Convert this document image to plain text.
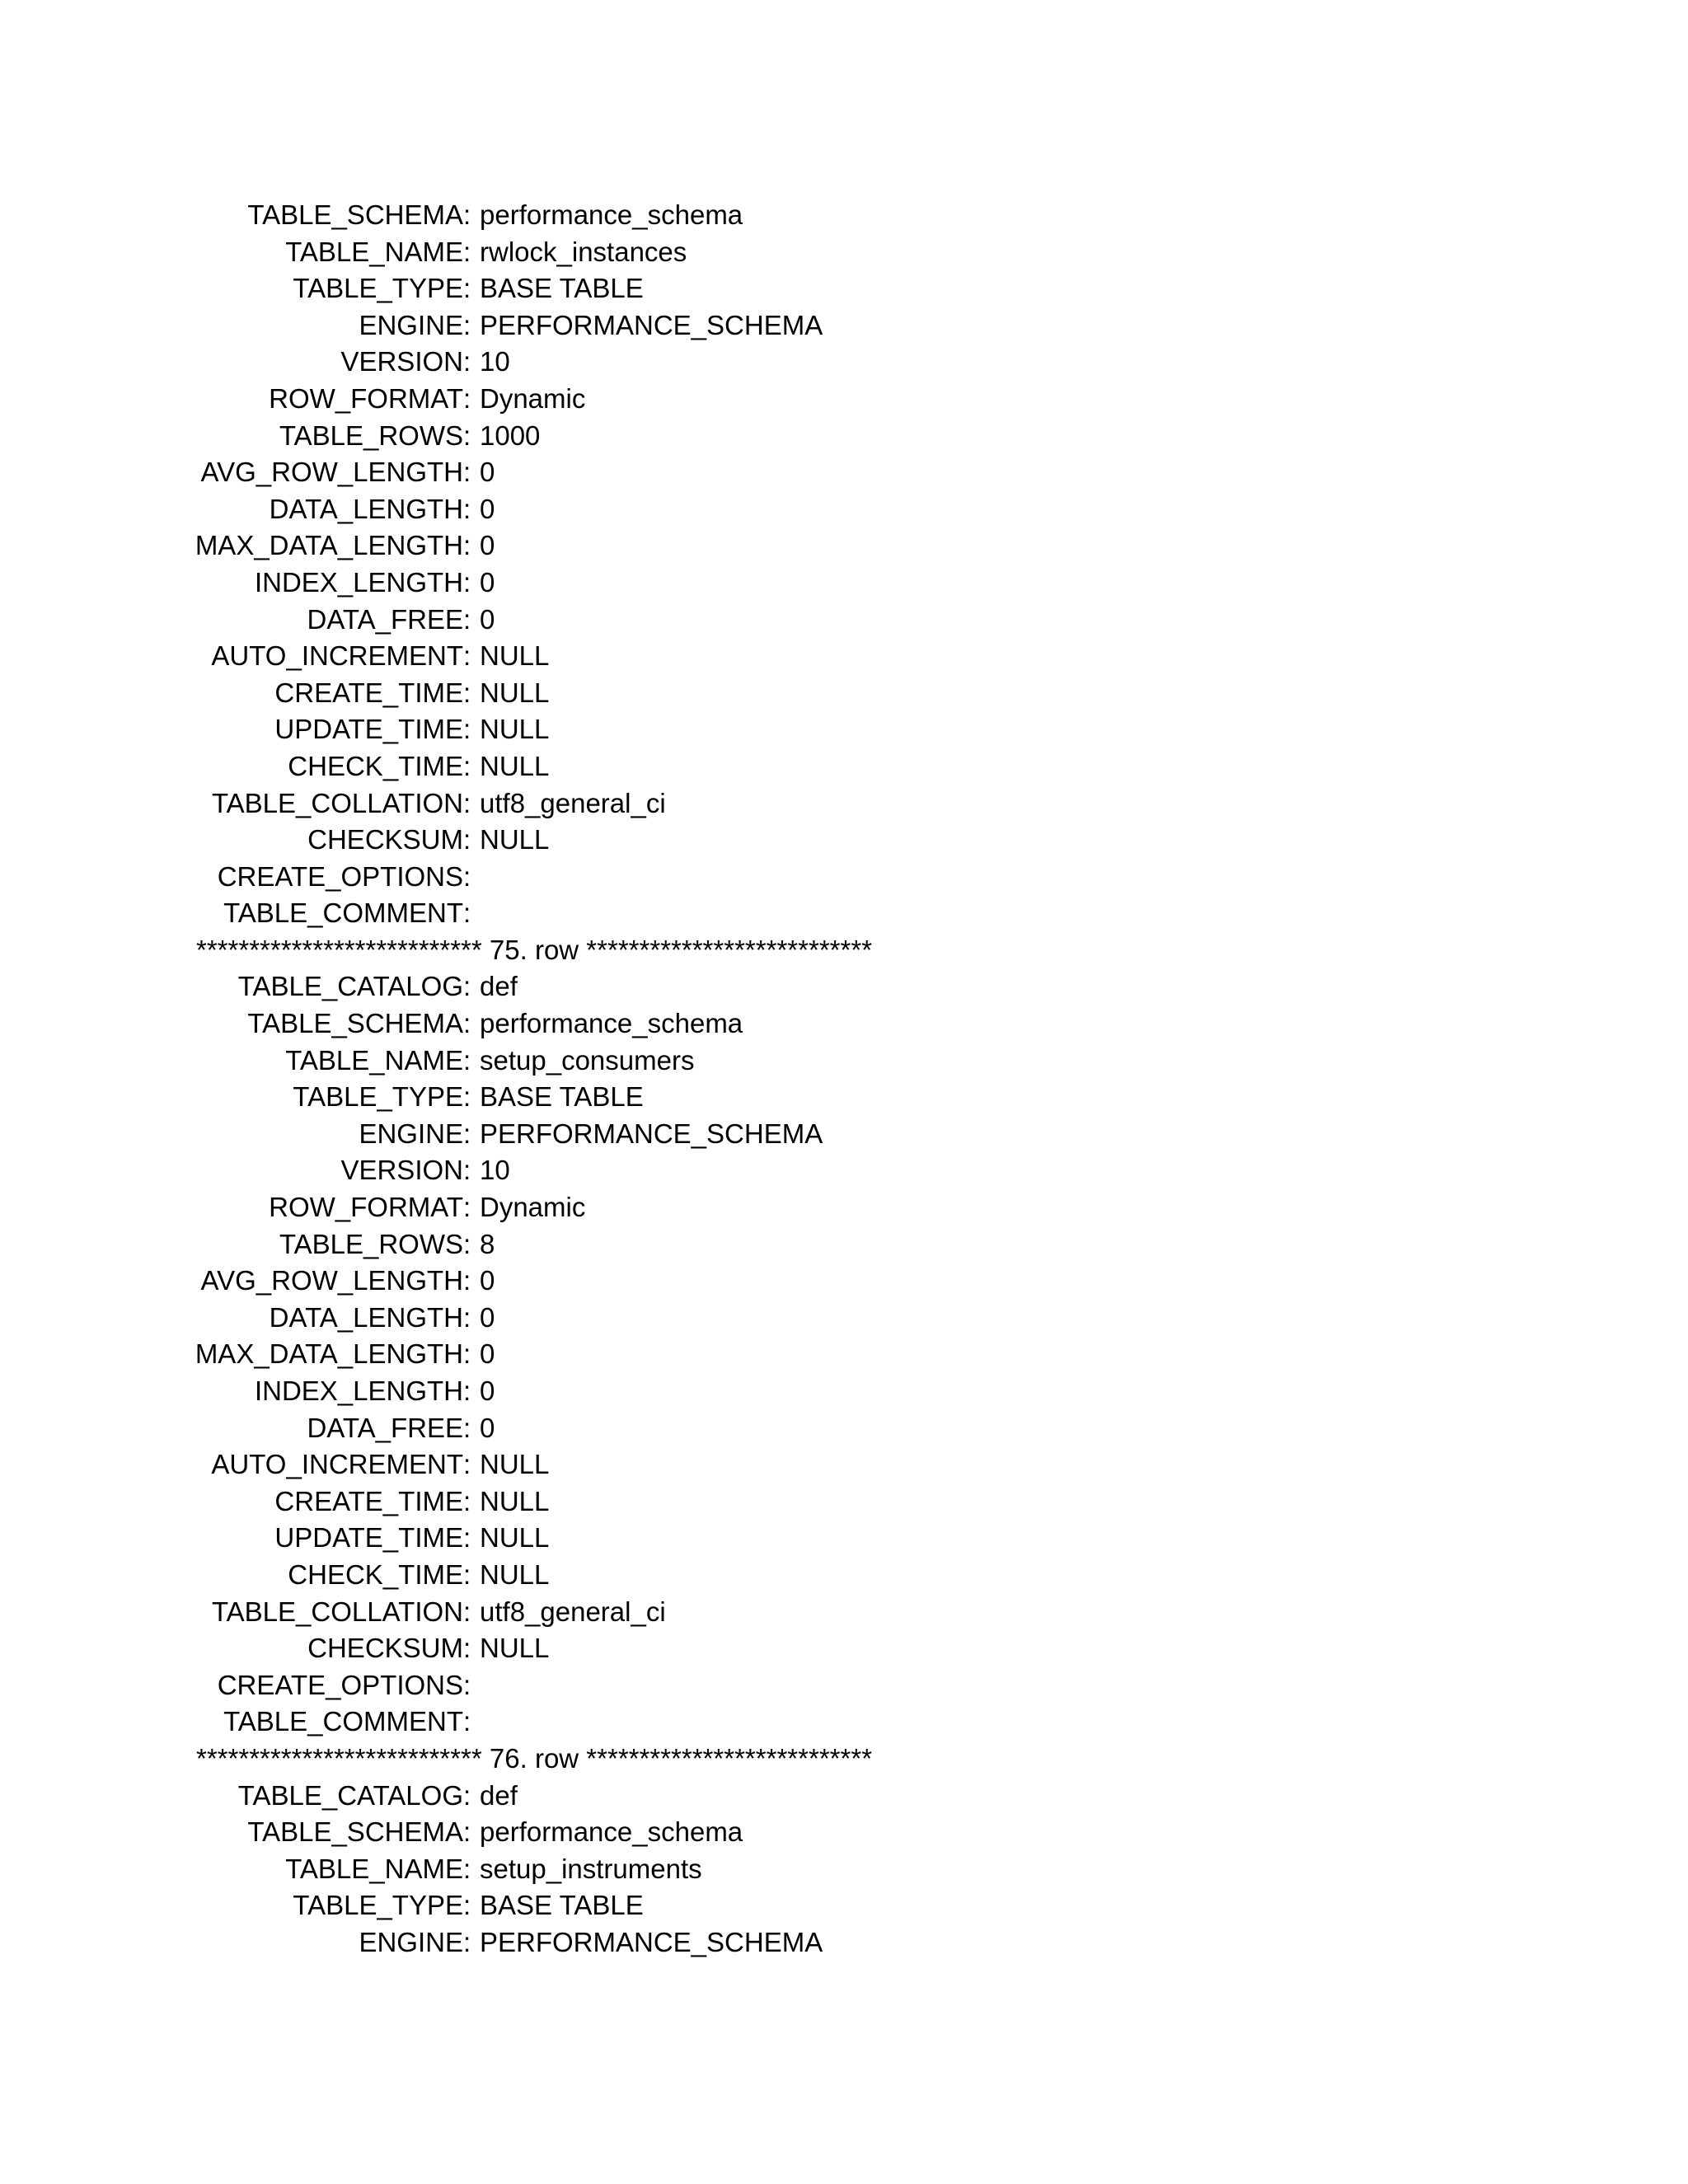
TABLE_SCHEMA : performance_schema
TABLE_NAME : rwlock_instances
TABLE_TYPE : BASE TABLE
ENGINE : PERFORMANCE_SCHEMA
VERSION : 10
ROW_FORMAT : Dynamic
TABLE_ROWS : 1000
AVG_ROW_LENGTH : 0
DATA_LENGTH : 0
MAX_DATA_LENGTH : 0
INDEX_LENGTH : 0
DATA_FREE : 0
AUTO_INCREMENT : NULL
CREATE_TIME : NULL
UPDATE_TIME : NULL
CHECK_TIME : NULL
TABLE_COLLATION : utf8_general_ci
CHECKSUM : NULL
CREATE_OPTIONS :
TABLE_COMMENT :
*************************** 75. row ***************************
TABLE_CATALOG : def
TABLE_SCHEMA : performance_schema
TABLE_NAME : setup_consumers
TABLE_TYPE : BASE TABLE
ENGINE : PERFORMANCE_SCHEMA
VERSION : 10
ROW_FORMAT : Dynamic
TABLE_ROWS : 8
AVG_ROW_LENGTH : 0
DATA_LENGTH : 0
MAX_DATA_LENGTH : 0
INDEX_LENGTH : 0
DATA_FREE : 0
AUTO_INCREMENT : NULL
CREATE_TIME : NULL
UPDATE_TIME : NULL
CHECK_TIME : NULL
TABLE_COLLATION : utf8_general_ci
CHECKSUM : NULL
CREATE_OPTIONS :
TABLE_COMMENT :
*************************** 76. row ***************************
TABLE_CATALOG : def
TABLE_SCHEMA : performance_schema
TABLE_NAME : setup_instruments
TABLE_TYPE : BASE TABLE
ENGINE : PERFORMANCE_SCHEMA
